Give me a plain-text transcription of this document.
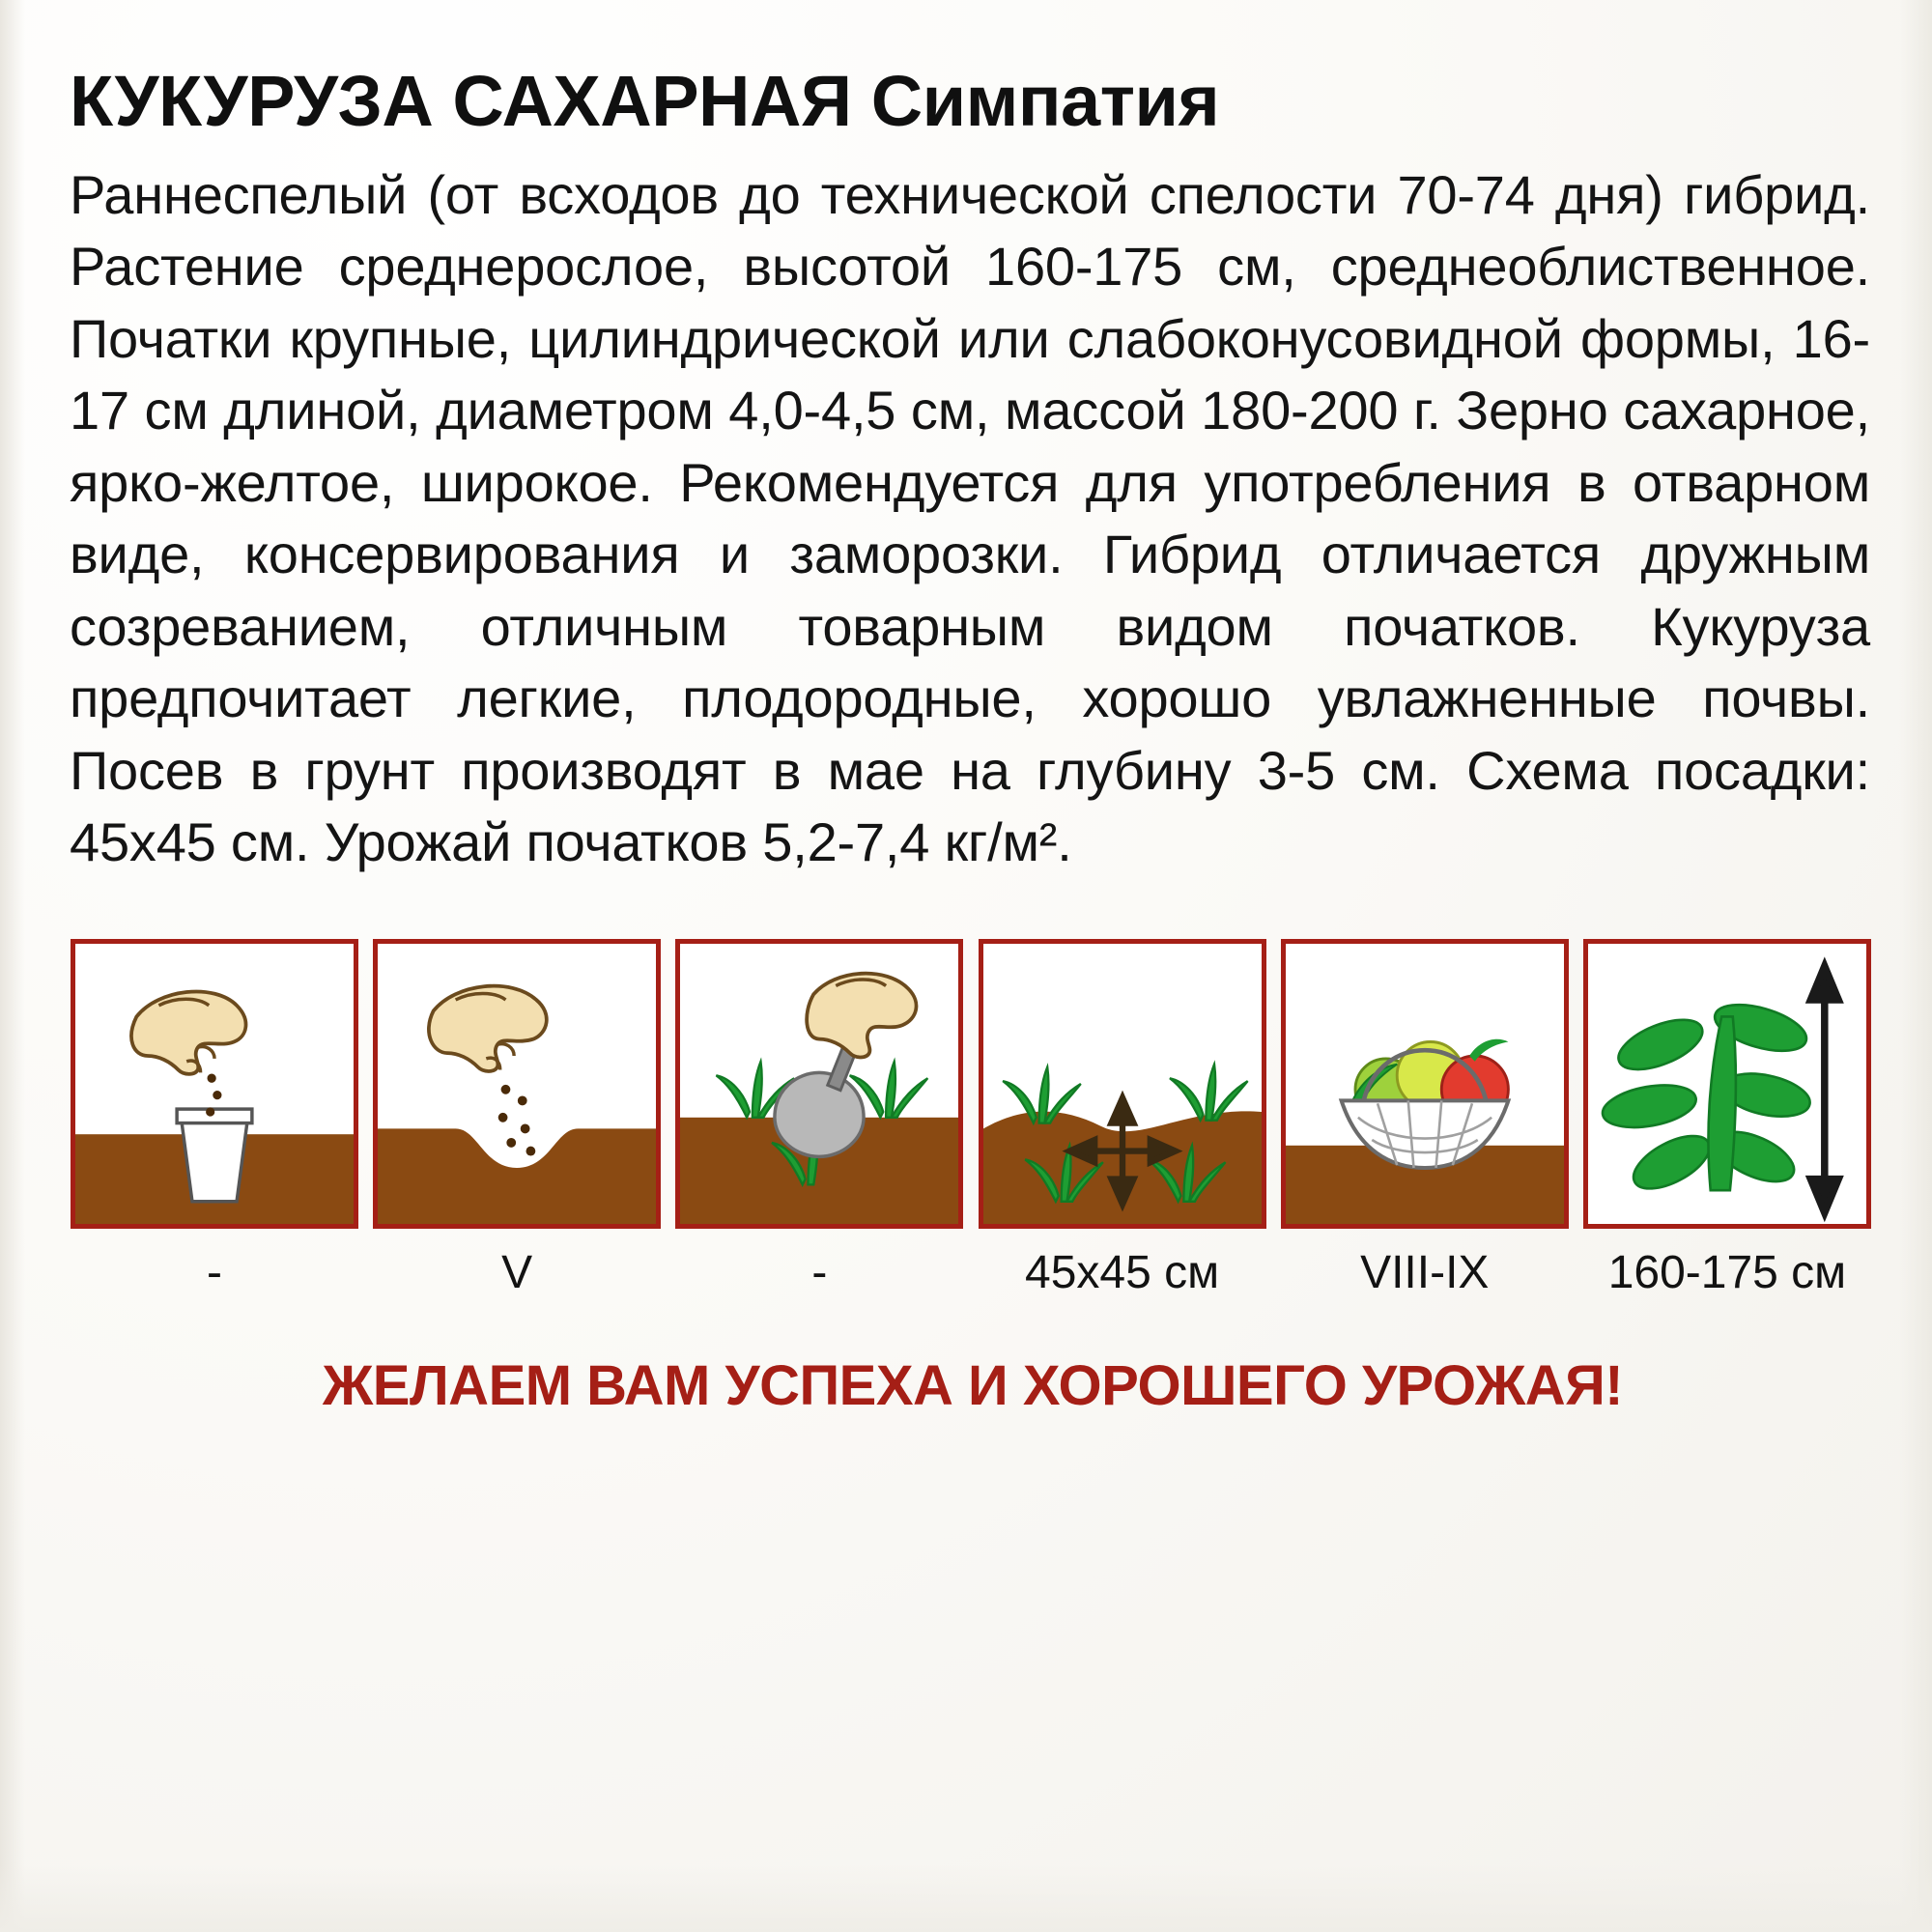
КУКУРУЗА САХАРНАЯ Симпатия

Раннеспелый (от всходов до технической спелости 70-74 дня) гибрид. Растение среднерослое, высотой 160-175 см, среднеоблиственное. Початки крупные, цилиндрической или слабоконусовидной формы, 16-17 см длиной, диаметром 4,0-4,5 см, массой 180-200 г. Зерно сахарное, ярко-желтое, широкое. Рекомендуется для употребления в отварном виде, консервирования и заморозки. Гибрид отличается дружным созреванием, отличным товарным видом початков. Кукуруза предпочитает легкие, плодородные, хорошо увлажненные почвы. Посев в грунт производят в мае на глубину 3-5 см. Схема посадки: 45х45 см. Урожай початков 5,2-7,4 кг/м².

-	V	-	45х45 см	VIII-IX	160-175 см
ЖЕЛАЕМ ВАМ УСПЕХА И ХОРОШЕГО УРОЖАЯ!
